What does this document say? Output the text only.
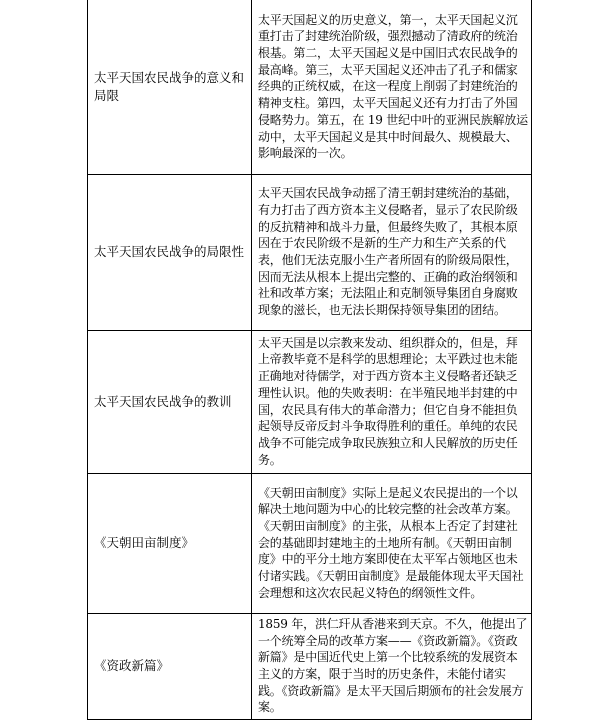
太平天国农民战争的意义和局限	太平天国起义的历史意义，第一，太平天国起义沉重打击了封建统治阶级，强烈撼动了清政府的统治根基。第二，太平天国起义是中国旧式农民战争的最高峰。第三，太平天国起义还冲击了孔子和儒家经典的正统权威，在这一程度上削弱了封建统治的精神支柱。第四，太平天国起义还有力打击了外国侵略势力。第五，在 19 世纪中叶的亚洲民族解放运动中，太平天国起义是其中时间最久、规模最大、影响最深的一次。
太平天国农民战争的局限性	太平天国农民战争动摇了清王朝封建统治的基础，有力打击了西方资本主义侵略者，显示了农民阶级的反抗精神和战斗力量，但最终失败了，其根本原因在于农民阶级不是新的生产力和生产关系的代表，他们无法克服小生产者所固有的阶级局限性，因而无法从根本上提出完整的、正确的政治纲领和社和改革方案；无法阻止和克制领导集团自身腐败现象的滋长，也无法长期保持领导集团的团结。
太平天国农民战争的教训	太平天国是以宗教来发动、组织群众的，但是，拜上帝教毕竟不是科学的思想理论；太平跌过也未能正确地对待儒学，对于西方资本主义侵略者还缺乏理性认识。他的失败表明：在半殖民地半封建的中国，农民具有伟大的革命潜力；但它自身不能担负起领导反帝反封斗争取得胜利的重任。单纯的农民战争不可能完成争取民族独立和人民解放的历史任务。
《天朝田亩制度》	《天朝田亩制度》实际上是起义农民提出的一个以解决土地问题为中心的比较完整的社会改革方案。《天朝田亩制度》的主张，从根本上否定了封建社会的基础即封建地主的土地所有制。《天朝田亩制度》中的平分土地方案即使在太平军占领地区也未付诸实践。《天朝田亩制度》是最能体现太平天国社会理想和这次农民起义特色的纲领性文件。
《资政新篇》	1859 年，洪仁玕从香港来到天京。不久，他提出了一个统筹全局的改革方案——《资政新篇》。《资政新篇》是中国近代史上第一个比较系统的发展资本主义的方案，限于当时的历史条件，未能付诸实践。《资政新篇》是太平天国后期颁布的社会发展方案。
